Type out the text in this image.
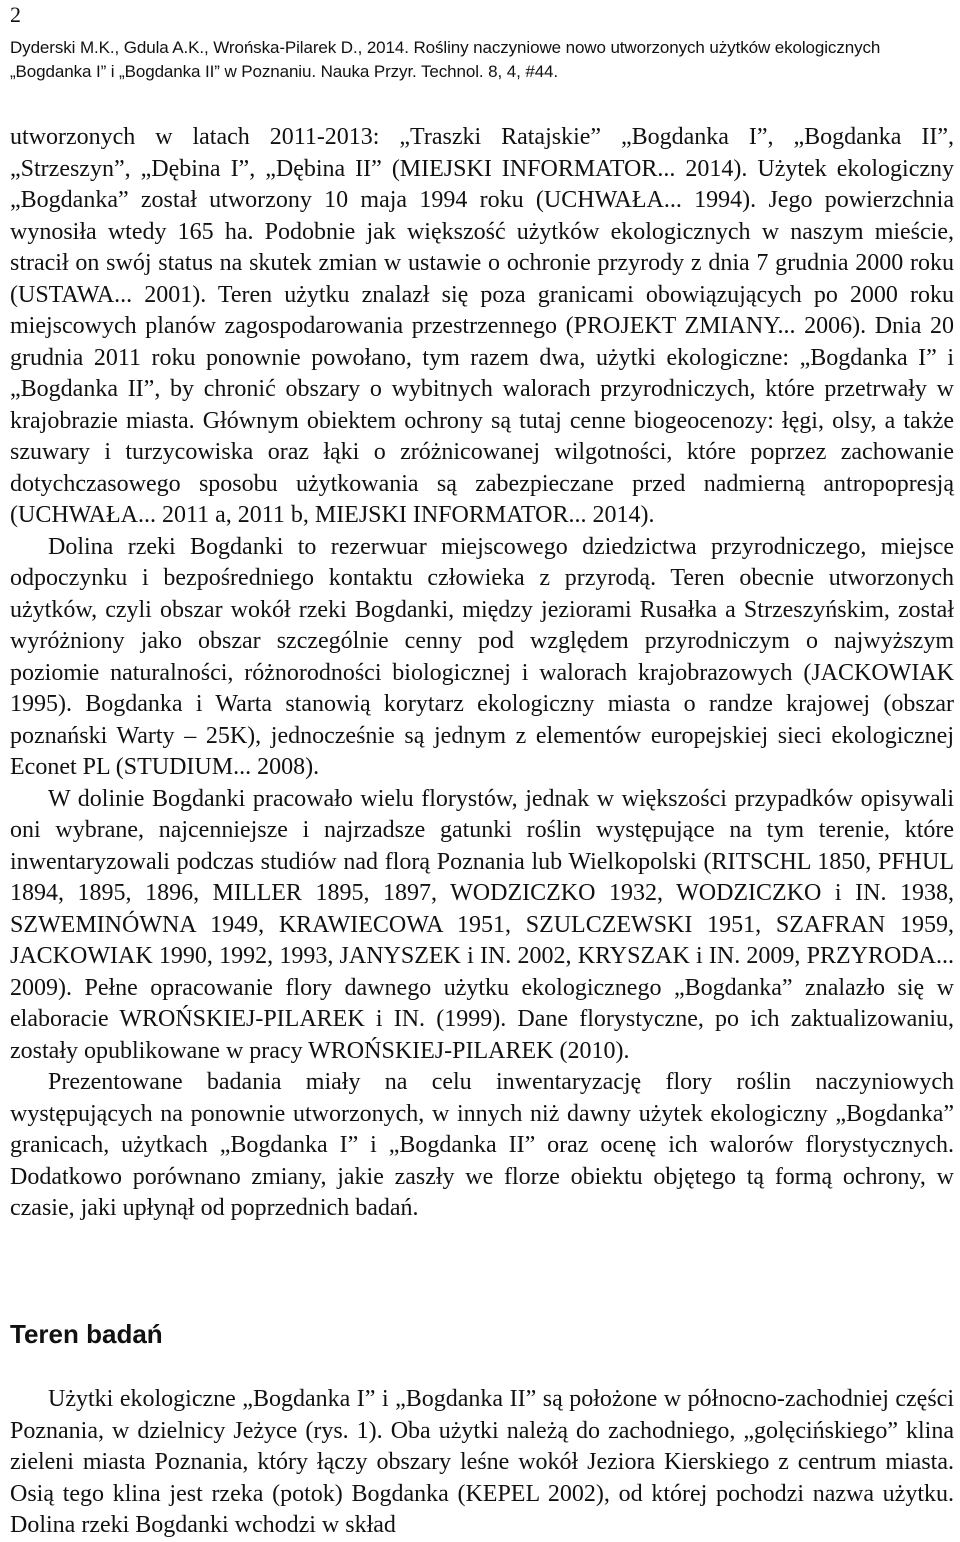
2
Dyderski M.K., Gdula A.K., Wrońska-Pilarek D., 2014. Rośliny naczyniowe nowo utworzonych użytków ekologicznych „Bogdanka I” i „Bogdanka II” w Poznaniu. Nauka Przyr. Technol. 8, 4, #44.

utworzonych w latach 2011-2013: „Traszki Ratajskie” „Bogdanka I”, „Bogdanka II”, „Strzeszyn”, „Dębina I”, „Dębina II” (MIEJSKI INFORMATOR... 2014). Użytek ekologiczny „Bogdanka” został utworzony 10 maja 1994 roku (UCHWAŁA... 1994). Jego powierzchnia wynosiła wtedy 165 ha. Podobnie jak większość użytków ekologicznych w naszym mieście, stracił on swój status na skutek zmian w ustawie o ochronie przyrody z dnia 7 grudnia 2000 roku (USTAWA... 2001). Teren użytku znalazł się poza granicami obowiązujących po 2000 roku miejscowych planów zagospodarowania przestrzennego (PROJEKT ZMIANY... 2006). Dnia 20 grudnia 2011 roku ponownie powołano, tym razem dwa, użytki ekologiczne: „Bogdanka I” i „Bogdanka II”, by chronić obszary o wybitnych walorach przyrodniczych, które przetrwały w krajobrazie miasta. Głównym obiektem ochrony są tutaj cenne biogeocenozy: łęgi, olsy, a także szuwary i turzycowiska oraz łąki o zróżnicowanej wilgotności, które poprzez zachowanie dotychczasowego sposobu użytkowania są zabezpieczane przed nadmierną antropopresją (UCHWAŁA... 2011 a, 2011 b, MIEJSKI INFORMATOR... 2014).

Dolina rzeki Bogdanki to rezerwuar miejscowego dziedzictwa przyrodniczego, miejsce odpoczynku i bezpośredniego kontaktu człowieka z przyrodą. Teren obecnie utworzonych użytków, czyli obszar wokół rzeki Bogdanki, między jeziorami Rusałka a Strzeszyńskim, został wyróżniony jako obszar szczególnie cenny pod względem przyrodniczym o najwyższym poziomie naturalności, różnorodności biologicznej i walorach krajobrazowych (JACKOWIAK 1995). Bogdanka i Warta stanowią korytarz ekologiczny miasta o randze krajowej (obszar poznański Warty – 25K), jednocześnie są jednym z elementów europejskiej sieci ekologicznej Econet PL (STUDIUM... 2008).

W dolinie Bogdanki pracowało wielu florystów, jednak w większości przypadków opisywali oni wybrane, najcenniejsze i najrzadsze gatunki roślin występujące na tym terenie, które inwentaryzowali podczas studiów nad florą Poznania lub Wielkopolski (RITSCHL 1850, PFHUL 1894, 1895, 1896, MILLER 1895, 1897, WODZICZKO 1932, WODZICZKO i IN. 1938, SZWEMINÓWNA 1949, KRAWIECOWA 1951, SZULCZEWSKI 1951, SZAFRAN 1959, JACKOWIAK 1990, 1992, 1993, JANYSZEK i IN. 2002, KRYSZAK i IN. 2009, PRZYRODA... 2009). Pełne opracowanie flory dawnego użytku ekologicznego „Bogdanka” znalazło się w elaboracie WROŃSKIEJ-PILAREK i IN. (1999). Dane florystyczne, po ich zaktualizowaniu, zostały opublikowane w pracy WROŃSKIEJ-PILAREK (2010).

Prezentowane badania miały na celu inwentaryzację flory roślin naczyniowych występujących na ponownie utworzonych, w innych niż dawny użytek ekologiczny „Bogdanka” granicach, użytkach „Bogdanka I” i „Bogdanka II” oraz ocenę ich walorów florystycznych. Dodatkowo porównano zmiany, jakie zaszły we florze obiektu objętego tą formą ochrony, w czasie, jaki upłynął od poprzednich badań.

Teren badań

Użytki ekologiczne „Bogdanka I” i „Bogdanka II” są położone w północno-zachodniej części Poznania, w dzielnicy Jeżyce (rys. 1). Oba użytki należą do zachodniego, „golęcińskiego” klina zieleni miasta Poznania, który łączy obszary leśne wokół Jeziora Kierskiego z centrum miasta. Osią tego klina jest rzeka (potok) Bogdanka (KEPEL 2002), od której pochodzi nazwa użytku. Dolina rzeki Bogdanki wchodzi w skład
